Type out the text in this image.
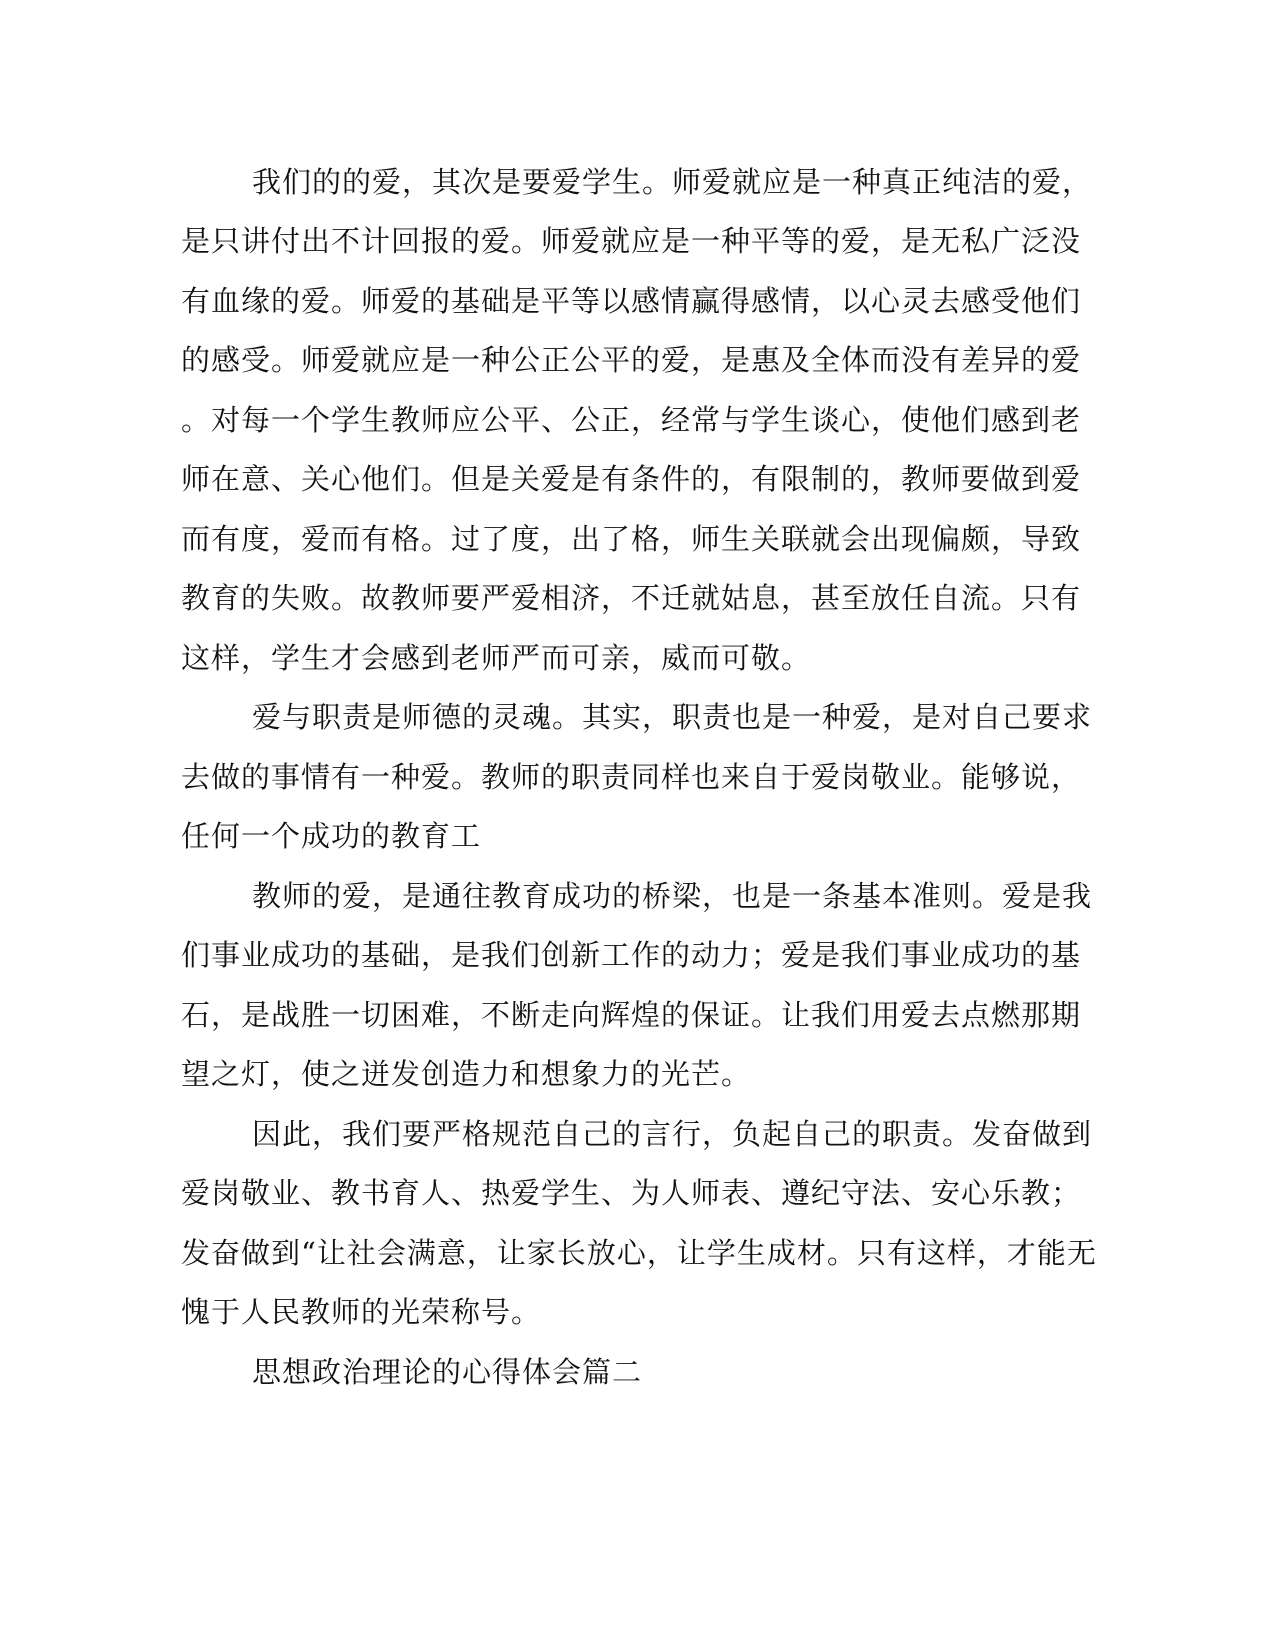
我们的的爱，其次是要爱学生。师爱就应是一种真正纯洁的爱，
是只讲付出不计回报的爱。师爱就应是一种平等的爱，是无私广泛没
有血缘的爱。师爱的基础是平等以感情赢得感情，以心灵去感受他们
的感受。师爱就应是一种公正公平的爱，是惠及全体而没有差异的爱
。对每一个学生教师应公平、公正，经常与学生谈心，使他们感到老
师在意、关心他们。但是关爱是有条件的，有限制的，教师要做到爱
而有度，爱而有格。过了度，出了格，师生关联就会出现偏颇，导致
教育的失败。故教师要严爱相济，不迁就姑息，甚至放任自流。只有
这样，学生才会感到老师严而可亲，威而可敬。
爱与职责是师德的灵魂。其实，职责也是一种爱，是对自己要求
去做的事情有一种爱。教师的职责同样也来自于爱岗敬业。能够说，
任何一个成功的教育工
教师的爱，是通往教育成功的桥梁，也是一条基本准则。爱是我
们事业成功的基础，是我们创新工作的动力；爱是我们事业成功的基
石，是战胜一切困难，不断走向辉煌的保证。让我们用爱去点燃那期
望之灯，使之迸发创造力和想象力的光芒。
因此，我们要严格规范自己的言行，负起自己的职责。发奋做到
爱岗敬业、教书育人、热爱学生、为人师表、遵纪守法、安心乐教；
发奋做到“让社会满意，让家长放心，让学生成材。只有这样，才能无
愧于人民教师的光荣称号。
思想政治理论的心得体会篇二
